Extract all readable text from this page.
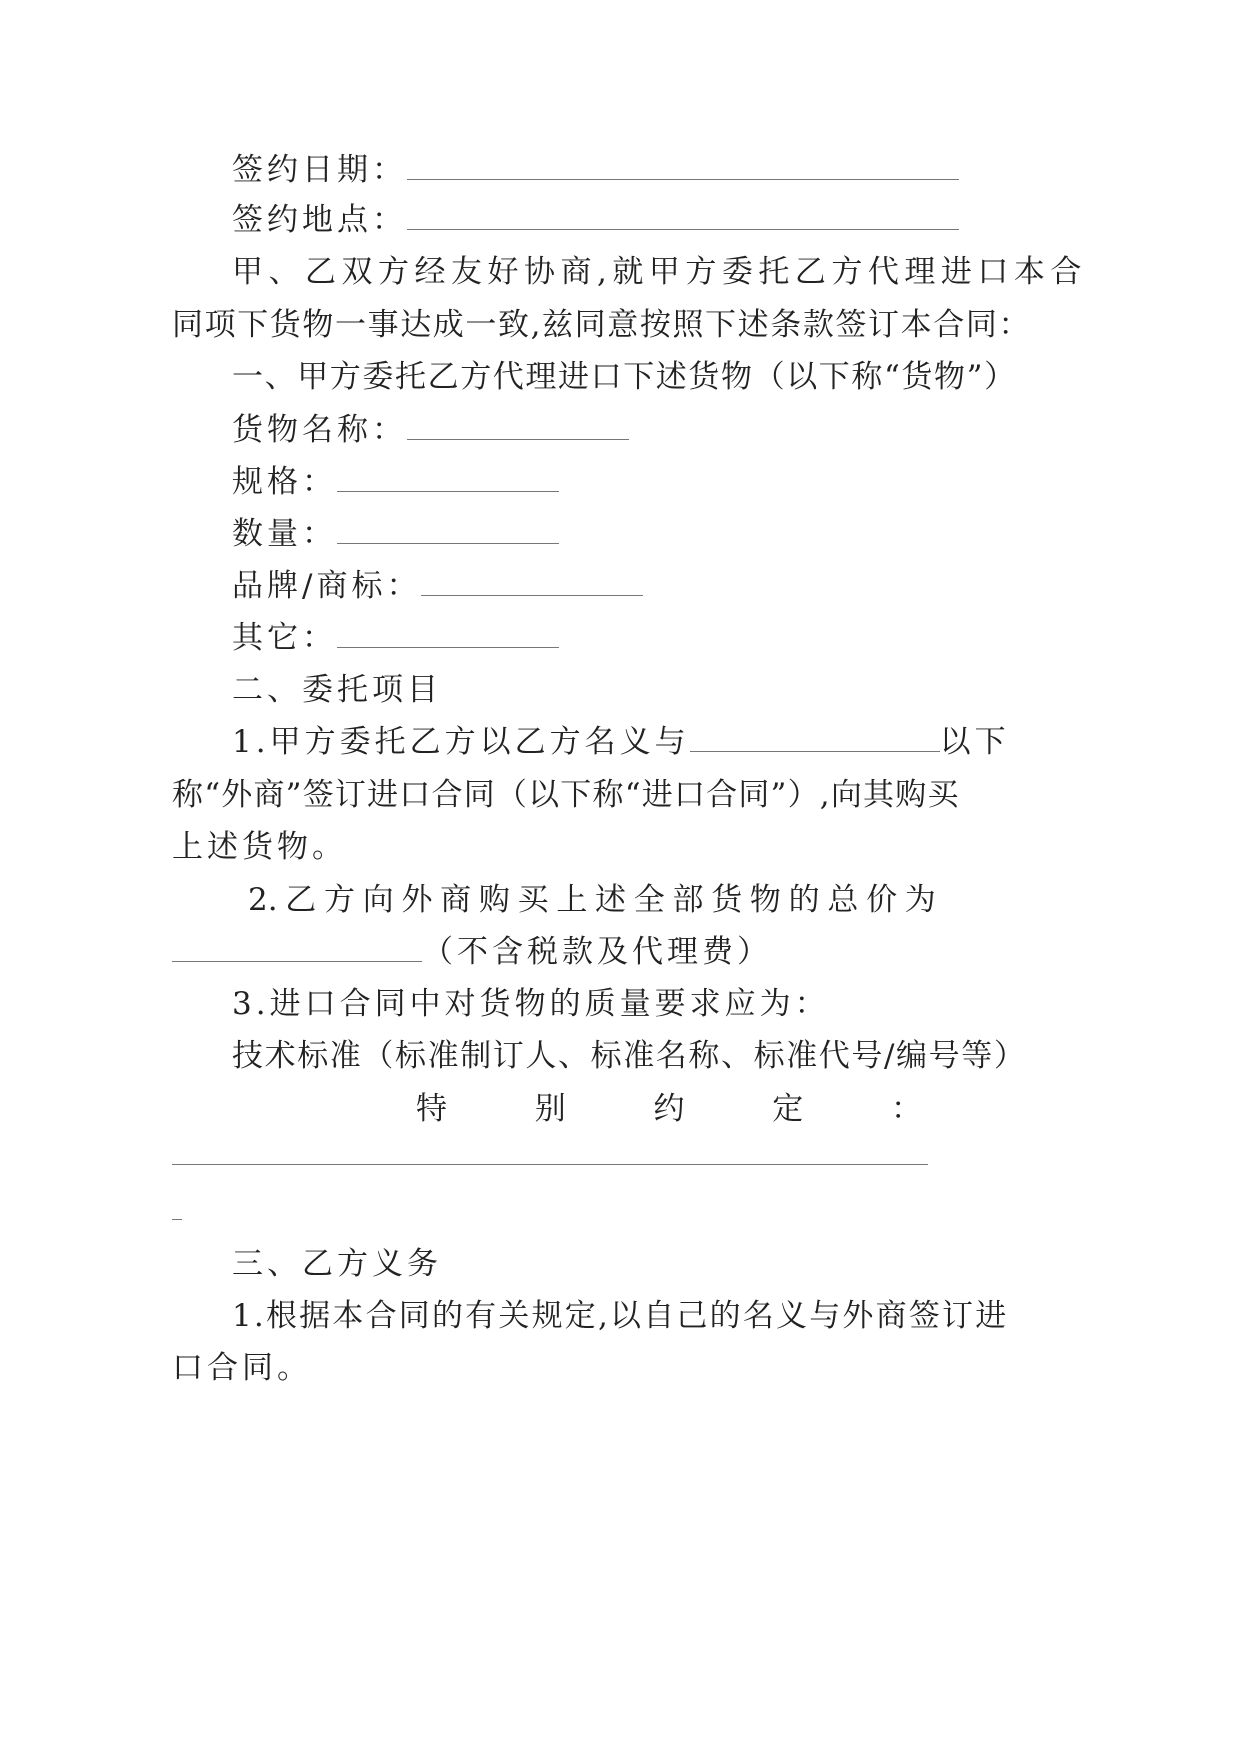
签约日期：
签约地点：
甲、乙双方经友好协商,就甲方委托乙方代理进口本合
同项下货物一事达成一致,兹同意按照下述条款签订本合同：
一、甲方委托乙方代理进口下述货物（以下称“货物”）
货物名称：
规格：
数量：
品牌/商标：
其它：
二、委托项目
1.甲方委托乙方以乙方名义与	以下
称“外商”签订进口合同（以下称“进口合同”）,向其购买
上述货物。
2. 乙 方 向 外 商 购 买 上 述 全 部 货 物 的 总 价 为
（不含税款及代理费）
3.进口合同中对货物的质量要求应为：
技术标准（标准制订人、标准名称、标准代号/编号等）
特	别	约	定	：
三、乙方义务
1.根据本合同的有关规定,以自己的名义与外商签订进
口合同。
